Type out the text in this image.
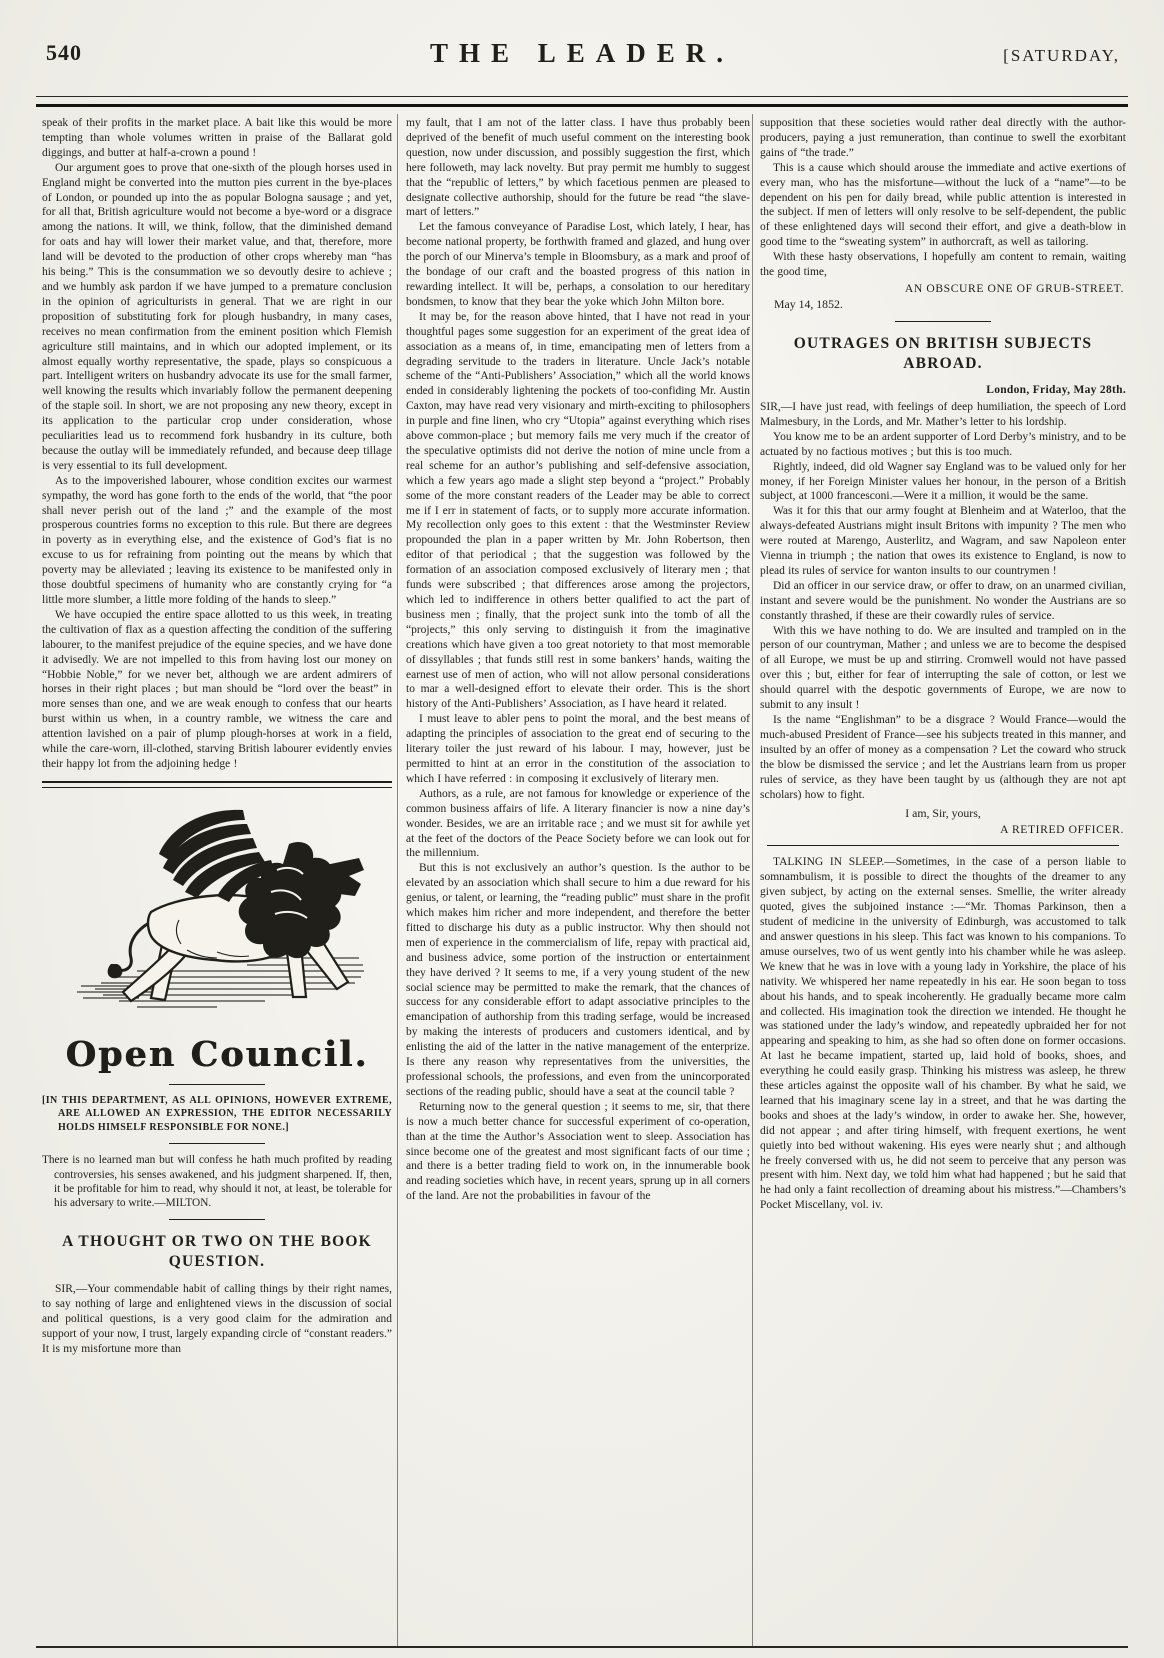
540	THE LEADER.	[SATURDAY,

speak of their profits in the market place. A bait like this would be more tempting than whole volumes written in praise of the Ballarat gold diggings, and butter at half-a-crown a pound !

Our argument goes to prove that one-sixth of the plough horses used in England might be converted into the mutton pies current in the bye-places of London, or pounded up into the as popular Bologna sausage ; and yet, for all that, British agriculture would not become a bye-word or a disgrace among the nations. It will, we think, follow, that the diminished demand for oats and hay will lower their market value, and that, therefore, more land will be devoted to the production of other crops whereby man “has his being.” This is the consummation we so devoutly desire to achieve ; and we humbly ask pardon if we have jumped to a premature conclusion in the opinion of agriculturists in general. That we are right in our proposition of substituting fork for plough husbandry, in many cases, receives no mean confirmation from the eminent position which Flemish agriculture still maintains, and in which our adopted implement, or its almost equally worthy representative, the spade, plays so conspicuous a part. Intelligent writers on husbandry advocate its use for the small farmer, well knowing the results which invariably follow the permanent deepening of the staple soil. In short, we are not proposing any new theory, except in its application to the particular crop under consideration, whose peculiarities lead us to recommend fork husbandry in its culture, both because the outlay will be immediately refunded, and because deep tillage is very essential to its full development.

As to the impoverished labourer, whose condition excites our warmest sympathy, the word has gone forth to the ends of the world, that “the poor shall never perish out of the land ;” and the example of the most prosperous countries forms no exception to this rule. But there are degrees in poverty as in everything else, and the existence of God’s fiat is no excuse to us for refraining from pointing out the means by which that poverty may be alleviated ; leaving its existence to be manifested only in those doubtful specimens of humanity who are constantly crying for “a little more slumber, a little more folding of the hands to sleep.”

We have occupied the entire space allotted to us this week, in treating the cultivation of flax as a question affecting the condition of the suffering labourer, to the manifest prejudice of the equine species, and we have done it advisedly. We are not impelled to this from having lost our money on “Hobbie Noble,” for we never bet, although we are ardent admirers of horses in their right places ; but man should be “lord over the beast” in more senses than one, and we are weak enough to confess that our hearts burst within us when, in a country ramble, we witness the care and attention lavished on a pair of plump plough-horses at work in a field, while the care-worn, ill-clothed, starving British labourer evidently envies their happy lot from the adjoining hedge !

Open Council.

[IN THIS DEPARTMENT, AS ALL OPINIONS, HOWEVER EXTREME, ARE ALLOWED AN EXPRESSION, THE EDITOR NECESSARILY HOLDS HIMSELF RESPONSIBLE FOR NONE.]

There is no learned man but will confess he hath much profited by reading controversies, his senses awakened, and his judgment sharpened. If, then, it be profitable for him to read, why should it not, at least, be tolerable for his adversary to write.—MILTON.

A THOUGHT OR TWO ON THE BOOK QUESTION.

SIR,—Your commendable habit of calling things by their right names, to say nothing of large and enlightened views in the discussion of social and political questions, is a very good claim for the admiration and support of your now, I trust, largely expanding circle of “constant readers.” It is my misfortune more than

my fault, that I am not of the latter class. I have thus probably been deprived of the benefit of much useful comment on the interesting book question, now under discussion, and possibly suggestion the first, which here followeth, may lack novelty. But pray permit me humbly to suggest that the “republic of letters,” by which facetious penmen are pleased to designate collective authorship, should for the future be read “the slave-mart of letters.”

Let the famous conveyance of Paradise Lost, which lately, I hear, has become national property, be forthwith framed and glazed, and hung over the porch of our Minerva’s temple in Bloomsbury, as a mark and proof of the bondage of our craft and the boasted progress of this nation in rewarding intellect. It will be, perhaps, a consolation to our hereditary bondsmen, to know that they bear the yoke which John Milton bore.

It may be, for the reason above hinted, that I have not read in your thoughtful pages some suggestion for an experiment of the great idea of association as a means of, in time, emancipating men of letters from a degrading servitude to the traders in literature. Uncle Jack’s notable scheme of the “Anti-Publishers’ Association,” which all the world knows ended in considerably lightening the pockets of too-confiding Mr. Austin Caxton, may have read very visionary and mirth-exciting to philosophers in purple and fine linen, who cry “Utopia” against everything which rises above common-place ; but memory fails me very much if the creator of the speculative optimists did not derive the notion of mine uncle from a real scheme for an author’s publishing and self-defensive association, which a few years ago made a slight step beyond a “project.” Probably some of the more constant readers of the Leader may be able to correct me if I err in statement of facts, or to supply more accurate information. My recollection only goes to this extent : that the Westminster Review propounded the plan in a paper written by Mr. John Robertson, then editor of that periodical ; that the suggestion was followed by the formation of an association composed exclusively of literary men ; that funds were subscribed ; that differences arose among the projectors, which led to indifference in others better qualified to act the part of business men ; finally, that the project sunk into the tomb of all the “projects,” this only serving to distinguish it from the imaginative creations which have given a too great notoriety to that most memorable of dissyllables ; that funds still rest in some bankers’ hands, waiting the earnest use of men of action, who will not allow personal considerations to mar a well-designed effort to elevate their order. This is the short history of the Anti-Publishers’ Association, as I have heard it related.

I must leave to abler pens to point the moral, and the best means of adapting the principles of association to the great end of securing to the literary toiler the just reward of his labour. I may, however, just be permitted to hint at an error in the constitution of the association to which I have referred : in composing it exclusively of literary men.

Authors, as a rule, are not famous for knowledge or experience of the common business affairs of life. A literary financier is now a nine day’s wonder. Besides, we are an irritable race ; and we must sit for awhile yet at the feet of the doctors of the Peace Society before we can look out for the millennium.

But this is not exclusively an author’s question. Is the author to be elevated by an association which shall secure to him a due reward for his genius, or talent, or learning, the “reading public” must share in the profit which makes him richer and more independent, and therefore the better fitted to discharge his duty as a public instructor. Why then should not men of experience in the commercialism of life, repay with practical aid, and business advice, some portion of the instruction or entertainment they have derived ? It seems to me, if a very young student of the new social science may be permitted to make the remark, that the chances of success for any considerable effort to adapt associative principles to the emancipation of authorship from this trading serfage, would be increased by making the interests of producers and customers identical, and by enlisting the aid of the latter in the native management of the enterprize. Is there any reason why representatives from the universities, the professional schools, the professions, and even from the unincorporated sections of the reading public, should have a seat at the council table ?

Returning now to the general question ; it seems to me, sir, that there is now a much better chance for successful experiment of co-operation, than at the time the Author’s Association went to sleep. Association has since become one of the greatest and most significant facts of our time ; and there is a better trading field to work on, in the innumerable book and reading societies which have, in recent years, sprung up in all corners of the land. Are not the probabilities in favour of the

supposition that these societies would rather deal directly with the author-producers, paying a just remuneration, than continue to swell the exorbitant gains of “the trade.”

This is a cause which should arouse the immediate and active exertions of every man, who has the misfortune—without the luck of a “name”—to be dependent on his pen for daily bread, while public attention is interested in the subject. If men of letters will only resolve to be self-dependent, the public of these enlightened days will second their effort, and give a death-blow in good time to the “sweating system” in authorcraft, as well as tailoring.

With these hasty observations, I hopefully am content to remain, waiting the good time,

AN OBSCURE ONE OF GRUB-STREET.

May 14, 1852.

OUTRAGES ON BRITISH SUBJECTS ABROAD.

London, Friday, May 28th.

SIR,—I have just read, with feelings of deep humiliation, the speech of Lord Malmesbury, in the Lords, and Mr. Mather’s letter to his lordship.

You know me to be an ardent supporter of Lord Derby’s ministry, and to be actuated by no factious motives ; but this is too much.

Rightly, indeed, did old Wagner say England was to be valued only for her money, if her Foreign Minister values her honour, in the person of a British subject, at 1000 francesconi.—Were it a million, it would be the same.

Was it for this that our army fought at Blenheim and at Waterloo, that the always-defeated Austrians might insult Britons with impunity ? The men who were routed at Marengo, Austerlitz, and Wagram, and saw Napoleon enter Vienna in triumph ; the nation that owes its existence to England, is now to plead its rules of service for wanton insults to our countrymen !

Did an officer in our service draw, or offer to draw, on an unarmed civilian, instant and severe would be the punishment. No wonder the Austrians are so constantly thrashed, if these are their cowardly rules of service.

With this we have nothing to do. We are insulted and trampled on in the person of our countryman, Mather ; and unless we are to become the despised of all Europe, we must be up and stirring. Cromwell would not have passed over this ; but, either for fear of interrupting the sale of cotton, or lest we should quarrel with the despotic governments of Europe, we are now to submit to any insult !

Is the name “Englishman” to be a disgrace ? Would France—would the much-abused President of France—see his subjects treated in this manner, and insulted by an offer of money as a compensation ? Let the coward who struck the blow be dismissed the service ; and let the Austrians learn from us proper rules of service, as they have been taught by us (although they are not apt scholars) how to fight.

I am, Sir, yours,

A RETIRED OFFICER.

TALKING IN SLEEP.—Sometimes, in the case of a person liable to somnambulism, it is possible to direct the thoughts of the dreamer to any given subject, by acting on the external senses. Smellie, the writer already quoted, gives the subjoined instance :—“Mr. Thomas Parkinson, then a student of medicine in the university of Edinburgh, was accustomed to talk and answer questions in his sleep. This fact was known to his companions. To amuse ourselves, two of us went gently into his chamber while he was asleep. We knew that he was in love with a young lady in Yorkshire, the place of his nativity. We whispered her name repeatedly in his ear. He soon began to toss about his hands, and to speak incoherently. He gradually became more calm and collected. His imagination took the direction we intended. He thought he was stationed under the lady’s window, and repeatedly upbraided her for not appearing and speaking to him, as she had so often done on former occasions. At last he became impatient, started up, laid hold of books, shoes, and everything he could easily grasp. Thinking his mistress was asleep, he threw these articles against the opposite wall of his chamber. By what he said, we learned that his imaginary scene lay in a street, and that he was darting the books and shoes at the lady’s window, in order to awake her. She, however, did not appear ; and after tiring himself, with frequent exertions, he went quietly into bed without wakening. His eyes were nearly shut ; and although he freely conversed with us, he did not seem to perceive that any person was present with him. Next day, we told him what had happened ; but he said that he had only a faint recollection of dreaming about his mistress.”—Chambers’s Pocket Miscellany, vol. iv.
